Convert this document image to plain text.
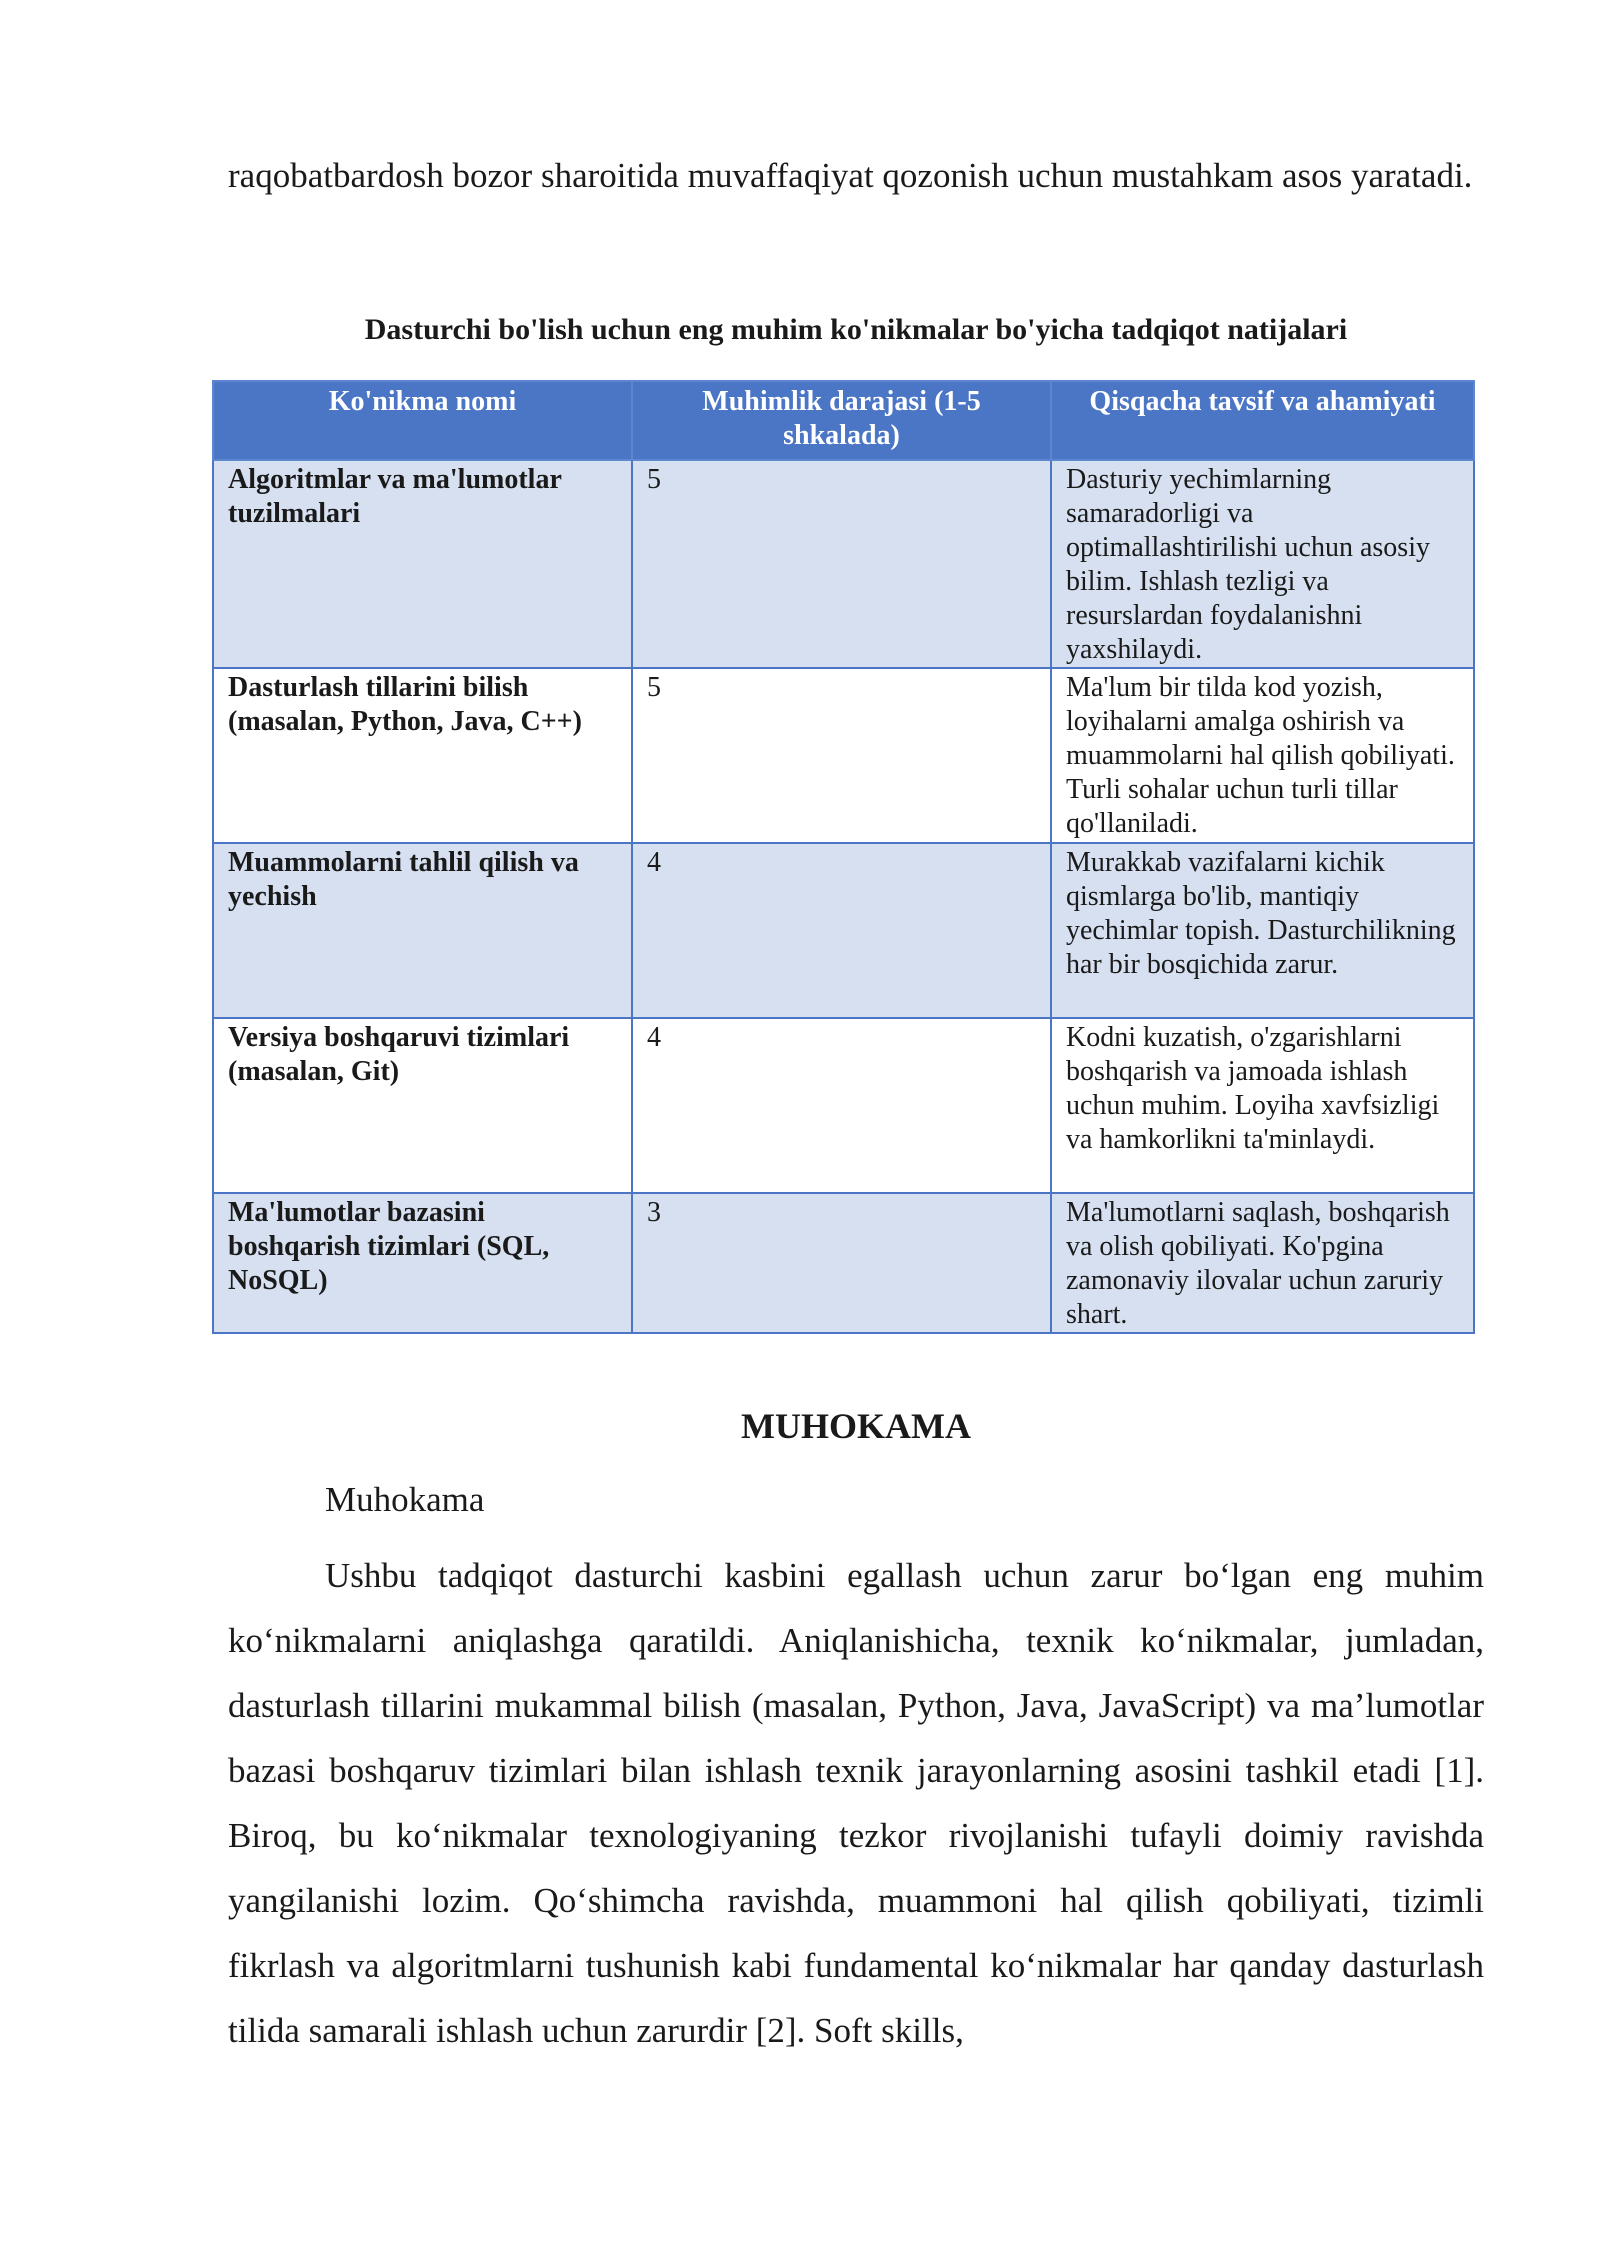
raqobatbardosh bozor sharoitida muvaffaqiyat qozonish uchun mustahkam asos yaratadi.

Dasturchi bo'lish uchun eng muhim ko'nikmalar bo'yicha tadqiqot natijalari
Ko'nikma nomi	Muhimlik darajasi (1-5 shkalada)	Qisqacha tavsif va ahamiyati
Algoritmlar va ma'lumotlar tuzilmalari	5	Dasturiy yechimlarning samaradorligi va optimallashtirilishi uchun asosiy bilim. Ishlash tezligi va resurslardan foydalanishni yaxshilaydi.
Dasturlash tillarini bilish (masalan, Python, Java, C++)	5	Ma'lum bir tilda kod yozish, loyihalarni amalga oshirish va muammolarni hal qilish qobiliyati. Turli sohalar uchun turli tillar qo'llaniladi.
Muammolarni tahlil qilish va yechish	4	Murakkab vazifalarni kichik qismlarga bo'lib, mantiqiy yechimlar topish. Dasturchilikning har bir bosqichida zarur.
Versiya boshqaruvi tizimlari (masalan, Git)	4	Kodni kuzatish, o'zgarishlarni boshqarish va jamoada ishlash uchun muhim. Loyiha xavfsizligi va hamkorlikni ta'minlaydi.
Ma'lumotlar bazasini boshqarish tizimlari (SQL, NoSQL)	3	Ma'lumotlarni saqlash, boshqarish va olish qobiliyati. Ko'pgina zamonaviy ilovalar uchun zaruriy shart.
MUHOKAMA
Muhokama

Ushbu tadqiqot dasturchi kasbini egallash uchun zarur bo‘lgan eng muhim ko‘nikmalarni aniqlashga qaratildi. Aniqlanishicha, texnik ko‘nikmalar, jumladan, dasturlash tillarini mukammal bilish (masalan, Python, Java, JavaScript) va ma’lumotlar bazasi boshqaruv tizimlari bilan ishlash texnik jarayonlarning asosini tashkil etadi [1]. Biroq, bu ko‘nikmalar texnologiyaning tezkor rivojlanishi tufayli doimiy ravishda yangilanishi lozim. Qo‘shimcha ravishda, muammoni hal qilish qobiliyati, tizimli fikrlash va algoritmlarni tushunish kabi fundamental ko‘nikmalar har qanday dasturlash tilida samarali ishlash uchun zarurdir [2]. Soft skills,
